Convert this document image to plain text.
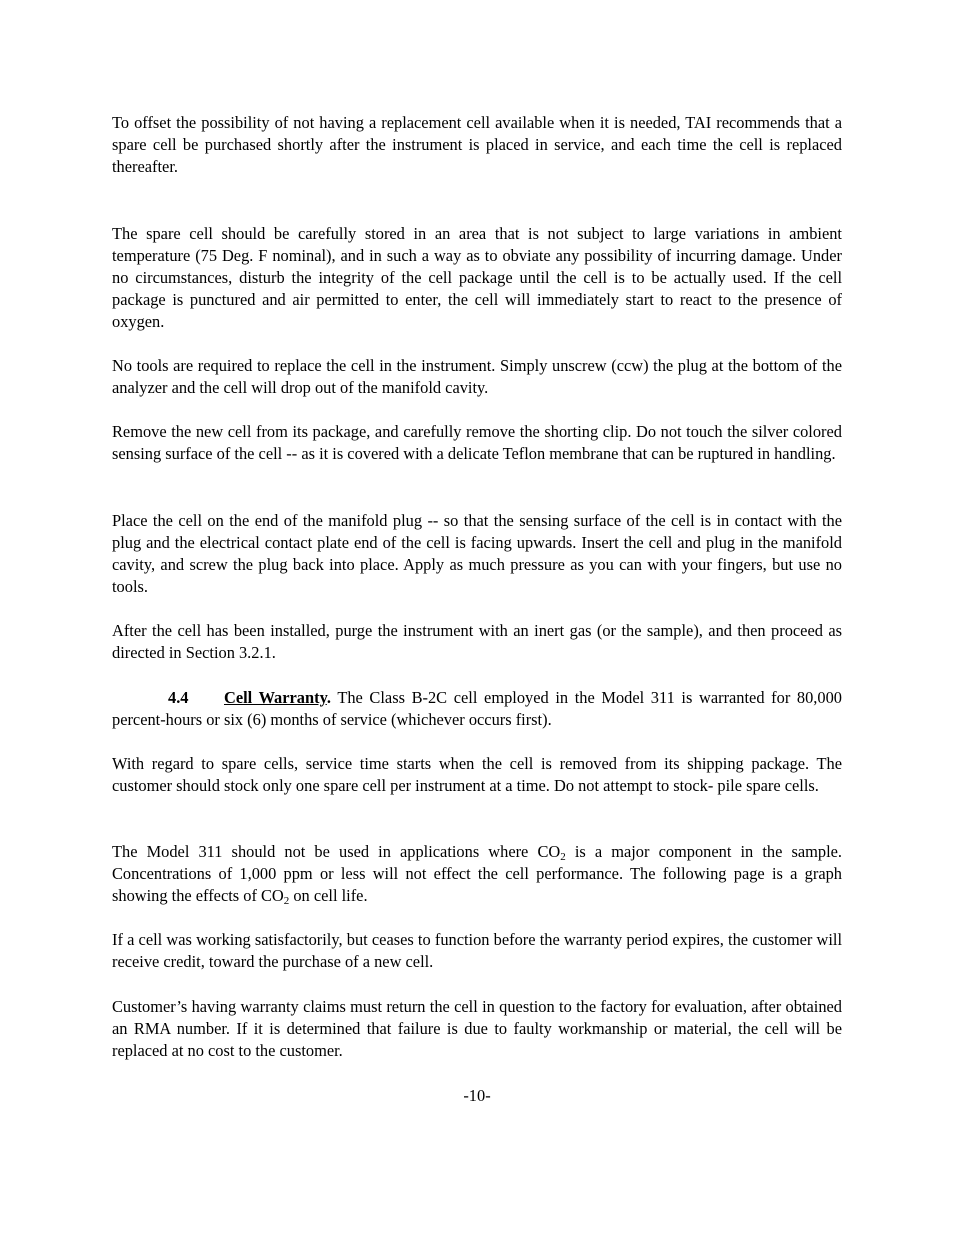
To offset the possibility of not having a replacement cell available when it is needed, TAI recommends that a spare cell be purchased shortly after the instrument is placed in service, and each time the cell is replaced thereafter.

The spare cell should be carefully stored in an area that is not subject to large variations in ambient temperature (75 Deg. F nominal), and in such a way as to obviate any possibility of incurring damage. Under no circumstances, disturb the integrity of the cell package until the cell is to be actually used. If the cell package is punctured and air permitted to enter, the cell will immediately start to react to the presence of oxygen.

No tools are required to replace the cell in the instrument. Simply unscrew (ccw) the plug at the bottom of the analyzer and the cell will drop out of the manifold cavity.

Remove the new cell from its package, and carefully remove the shorting clip. Do not touch the silver colored sensing surface of the cell -- as it is covered with a delicate Teflon membrane that can be ruptured in handling.

Place the cell on the end of the manifold plug -- so that the sensing surface of the cell is in contact with the plug and the electrical contact plate end of the cell is facing upwards. Insert the cell and plug in the manifold cavity, and screw the plug back into place. Apply as much pressure as you can with your fingers, but use no tools.

After the cell has been installed, purge the instrument with an inert gas (or the sample), and then proceed as directed in Section 3.2.1.

4.4 Cell Warranty. The Class B-2C cell employed in the Model 311 is warranted for 80,000 percent-hours or six (6) months of service (whichever occurs first).

With regard to spare cells, service time starts when the cell is removed from its shipping package. The customer should stock only one spare cell per instrument at a time. Do not attempt to stock- pile spare cells.

The Model 311 should not be used in applications where $CO_2$ is a major component in the sample. Concentrations of 1,000 ppm or less will not effect the cell performance. The following page is a graph showing the effects of $CO_2$ on cell life.

If a cell was working satisfactorily, but ceases to function before the warranty period expires, the customer will receive credit, toward the purchase of a new cell.

Customer’s having warranty claims must return the cell in question to the factory for evaluation, after obtained an RMA number. If it is determined that failure is due to faulty workmanship or material, the cell will be replaced at no cost to the customer.

-10-
